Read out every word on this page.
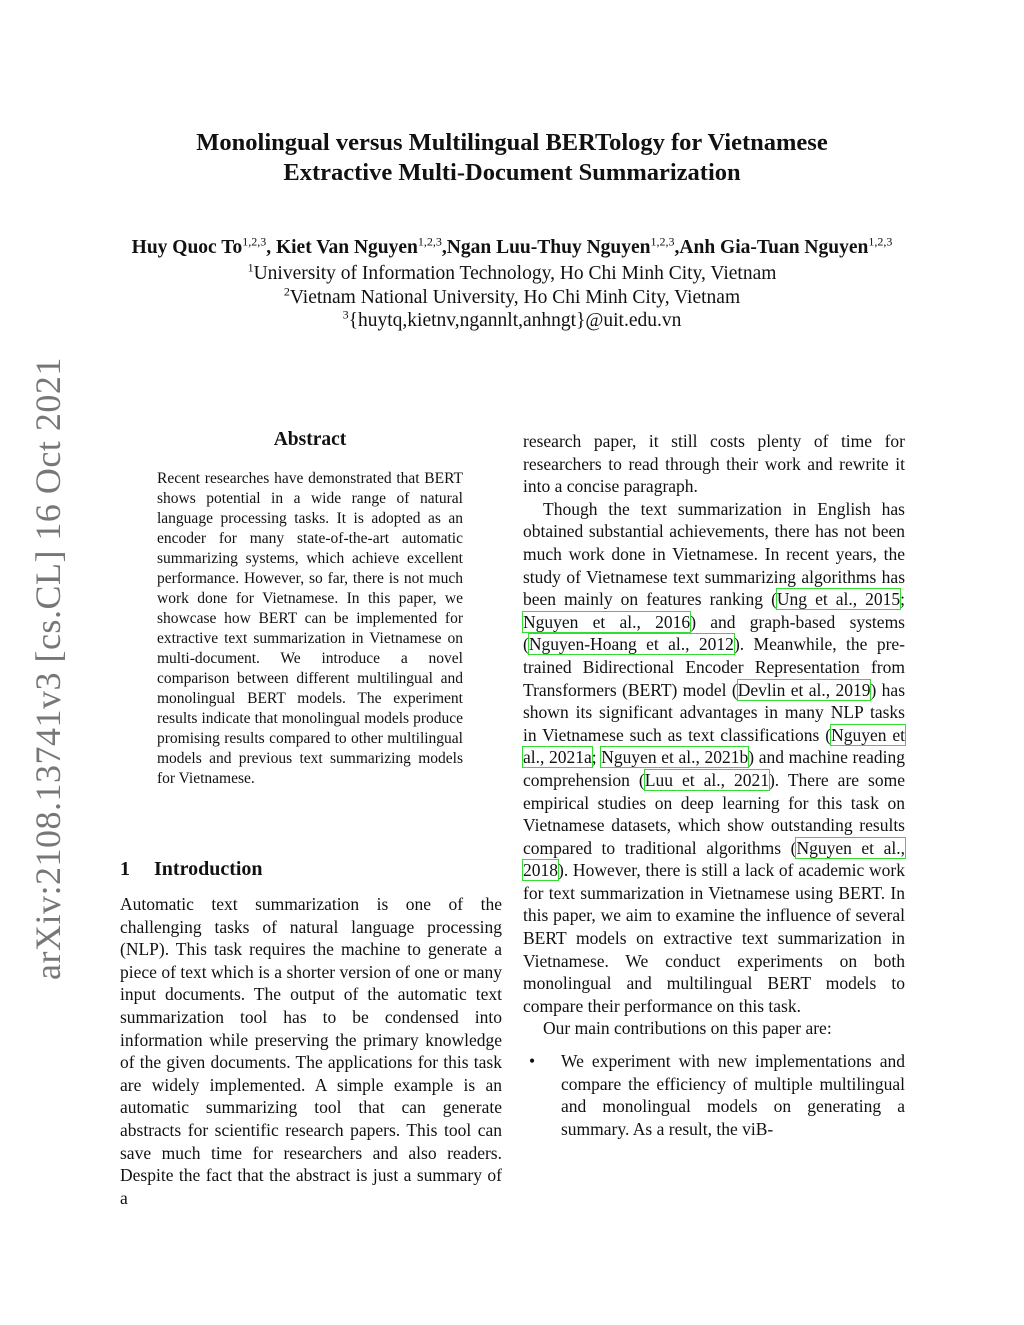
arXiv:2108.13741v3 [cs.CL] 16 Oct 2021
Monolingual versus Multilingual BERTology for Vietnamese
Extractive Multi-Document Summarization
Huy Quoc To$^{1,2,3}$, Kiet Van Nguyen$^{1,2,3}$,Ngan Luu-Thuy Nguyen$^{1,2,3}$,Anh Gia-Tuan Nguyen$^{1,2,3}$
$^1$University of Information Technology, Ho Chi Minh City, Vietnam
$^2$Vietnam National University, Ho Chi Minh City, Vietnam
$^3${huytq,kietnv,ngannlt,anhngt}@uit.edu.vn
Abstract
Recent researches have demonstrated that BERT shows potential in a wide range of natural language processing tasks. It is adopted as an encoder for many state-of-the-art automatic summarizing systems, which achieve excellent performance. However, so far, there is not much work done for Vietnamese. In this paper, we showcase how BERT can be implemented for extractive text summarization in Vietnamese on multi-document. We introduce a novel comparison between different multilingual and monolingual BERT models. The experiment results indicate that monolingual models produce promising results compared to other multilingual models and previous text summarizing models for Vietnamese.
1 Introduction

Automatic text summarization is one of the challenging tasks of natural language processing (NLP). This task requires the machine to generate a piece of text which is a shorter version of one or many input documents. The output of the automatic text summarization tool has to be condensed into information while preserving the primary knowledge of the given documents. The applications for this task are widely implemented. A simple example is an automatic summarizing tool that can generate abstracts for scientific research papers. This tool can save much time for researchers and also readers. Despite the fact that the abstract is just a summary of a

research paper, it still costs plenty of time for researchers to read through their work and rewrite it into a concise paragraph.

Though the text summarization in English has obtained substantial achievements, there has not been much work done in Vietnamese. In recent years, the study of Vietnamese text summarizing algorithms has been mainly on features ranking (Ung et al., 2015; Nguyen et al., 2016) and graph-based systems (Nguyen-Hoang et al., 2012). Meanwhile, the pre-trained Bidirectional Encoder Representation from Transformers (BERT) model (Devlin et al., 2019) has shown its significant advantages in many NLP tasks in Vietnamese such as text classifications (Nguyen et al., 2021a; Nguyen et al., 2021b) and machine reading comprehension (Luu et al., 2021). There are some empirical studies on deep learning for this task on Vietnamese datasets, which show outstanding results compared to traditional algorithms (Nguyen et al., 2018). However, there is still a lack of academic work for text summarization in Vietnamese using BERT. In this paper, we aim to examine the influence of several BERT models on extractive text summarization in Vietnamese. We conduct experiments on both monolingual and multilingual BERT models to compare their performance on this task.

Our main contributions on this paper are:

• We experiment with new implementations and compare the efficiency of multiple multilingual and monolingual models on generating a summary. As a result, the viB-
